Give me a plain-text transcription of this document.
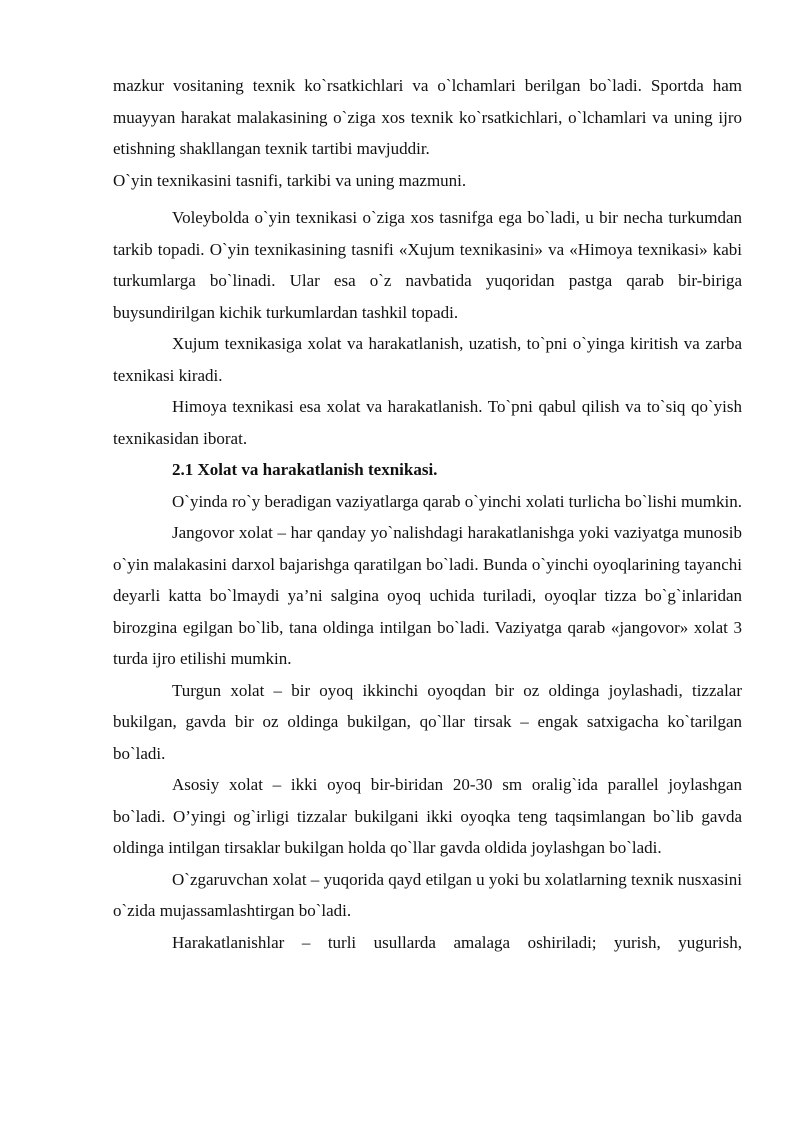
mazkur vositaning texnik ko`rsatkichlari va o`lchamlari berilgan bo`ladi. Sportda ham muayyan harakat malakasining o`ziga xos texnik ko`rsatkichlari, o`lchamlari va uning ijro etishning shakllangan texnik tartibi mavjuddir.

O`yin texnikasini tasnifi, tarkibi va uning mazmuni.

Voleybolda o`yin texnikasi o`ziga xos tasnifga ega bo`ladi, u bir necha turkumdan tarkib topadi. O`yin texnikasining tasnifi «Xujum texnikasini» va «Himoya texnikasi» kabi turkumlarga bo`linadi. Ular esa o`z navbatida yuqoridan pastga qarab bir-biriga buysundirilgan kichik turkumlardan tashkil topadi.

Xujum texnikasiga xolat va harakatlanish, uzatish, to`pni o`yinga kiritish va zarba texnikasi kiradi.

Himoya texnikasi esa xolat va harakatlanish. To`pni qabul qilish va to`siq qo`yish texnikasidan iborat.

2.1 Xolat va harakatlanish texnikasi.

O`yinda ro`y beradigan vaziyatlarga qarab o`yinchi xolati turlicha bo`lishi mumkin.

Jangovor xolat – har qanday yo`nalishdagi harakatlanishga yoki vaziyatga munosib o`yin malakasini darxol bajarishga qaratilgan bo`ladi. Bunda o`yinchi oyoqlarining tayanchi deyarli katta bo`lmaydi ya’ni salgina oyoq uchida turiladi, oyoqlar tizza bo`g`inlaridan birozgina egilgan bo`lib, tana oldinga intilgan bo`ladi. Vaziyatga qarab «jangovor» xolat 3 turda ijro etilishi mumkin.

Turgun xolat – bir oyoq ikkinchi oyoqdan bir oz oldinga joylashadi, tizzalar bukilgan, gavda bir oz oldinga bukilgan, qo`llar tirsak – engak satxigacha ko`tarilgan bo`ladi.

Asosiy xolat – ikki oyoq bir-biridan 20-30 sm oralig`ida parallel joylashgan bo`ladi. O’yingi og`irligi tizzalar bukilgani ikki oyoqka teng taqsimlangan bo`lib gavda oldinga intilgan tirsaklar bukilgan holda qo`llar gavda oldida joylashgan bo`ladi.

O`zgaruvchan xolat – yuqorida qayd etilgan u yoki bu xolatlarning texnik nusxasini o`zida mujassamlashtirgan bo`ladi.

Harakatlanishlar – turli usullarda amalaga oshiriladi; yurish, yugurish,
